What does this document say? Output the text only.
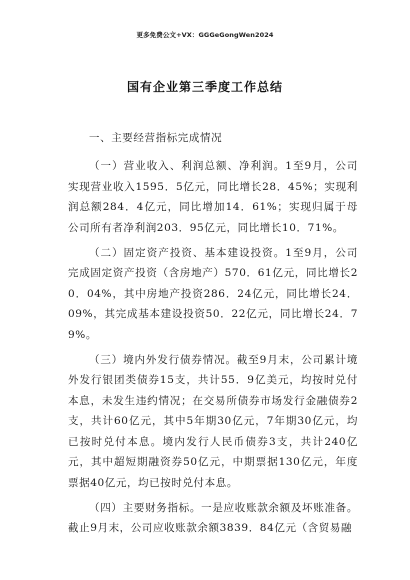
更多免费公文+VX：GGGeGongWen2024
国有企业第三季度工作总结

一、主要经营指标完成情况

（一）营业收入、利润总额、净利润。1至9月，公司实现营业收入1595．5亿元，同比增长28．45%；实现利润总额284．4亿元，同比增加14．61%；实现归属于母公司所有者净利润203．95亿元，同比增长10．71%。

（二）固定资产投资、基本建设投资。1至9月，公司完成固定资产投资（含房地产）570．61亿元，同比增长20．04%，其中房地产投资286．24亿元，同比增长24．09%，其完成基本建设投资50．22亿元，同比增长24．79%。

（三）境内外发行债券情况。截至9月末，公司累计境外发行银团类债券15支，共计55．9亿美元，均按时兑付本息，未发生违约情况；在交易所债券市场发行金融债券2支，共计60亿元，其中5年期30亿元，7年期30亿元，均已按时兑付本息。境内发行人民币债券3支，共计240亿元，其中超短期融资券50亿元，中期票据130亿元，年度票据40亿元，均已按时兑付本息。

（四）主要财务指标。一是应收账款余额及坏账准备。截止9月末，公司应收账款余额3839．84亿元（含贸易融
